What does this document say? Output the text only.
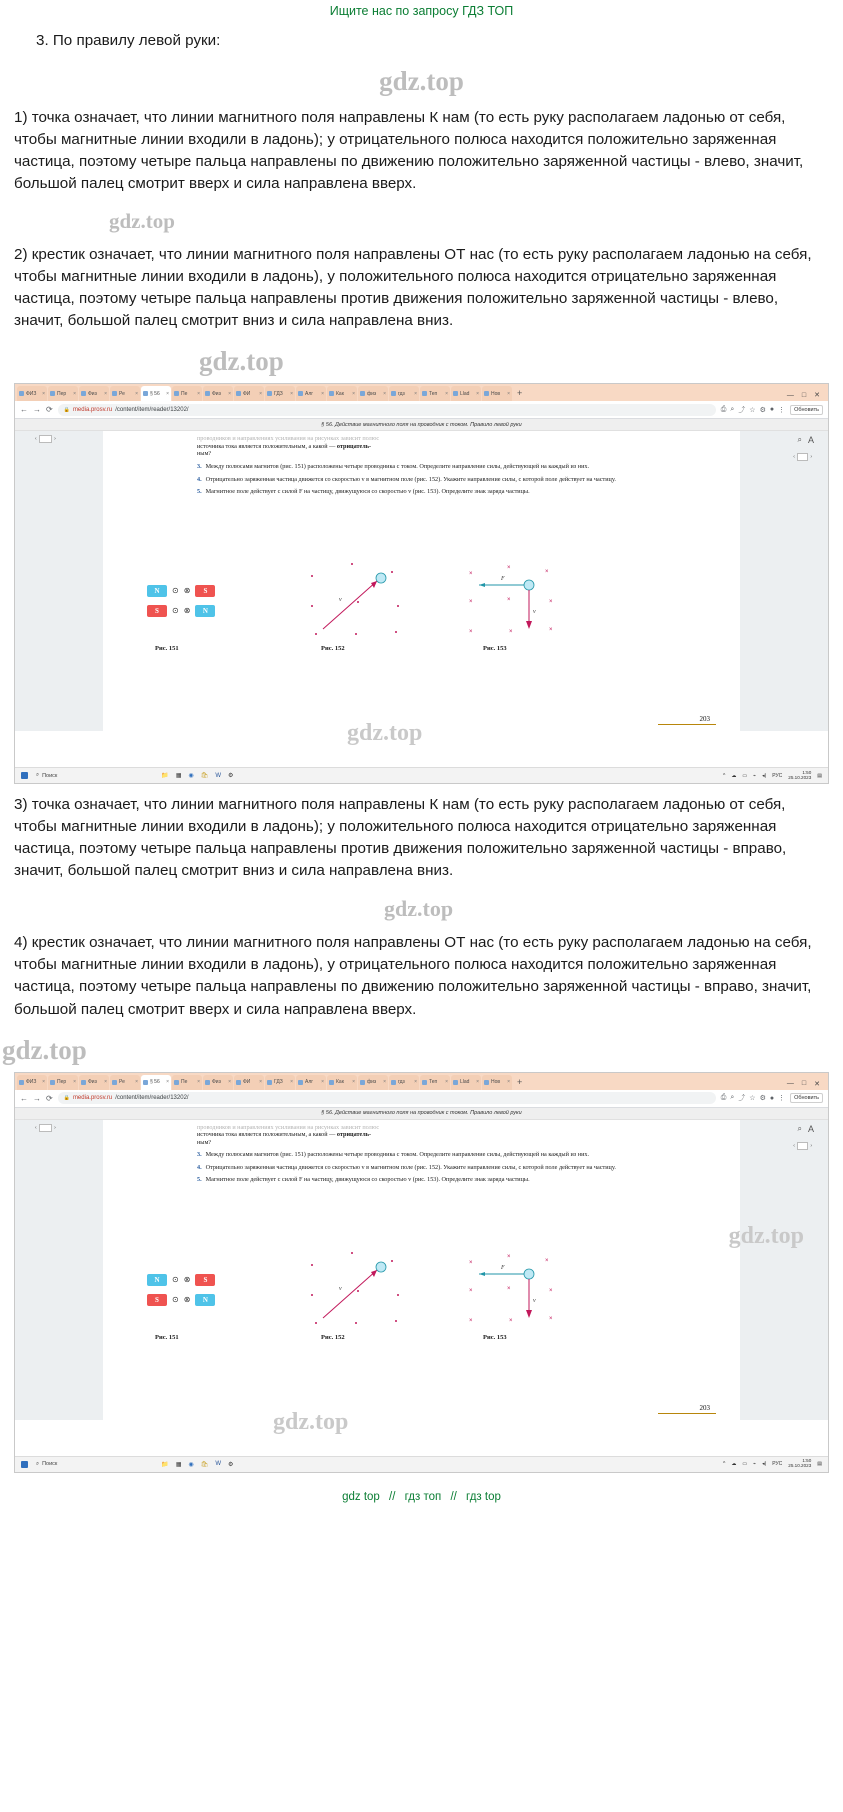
Ищите нас по запросу ГДЗ ТОП
3. По правилу левой руки:
gdz.top
1) точка означает, что линии магнитного поля направлены К нам (то есть руку располагаем ладонью от себя, чтобы магнитные линии входили в ладонь); у отрицательного полюса находится положительно заряженная частица, поэтому четыре пальца направлены по движению положительно заряженной частицы - влево, значит, большой палец смотрит вверх и сила направлена вверх.
gdz.top
2) крестик означает, что линии магнитного поля направлены ОТ нас (то есть руку располагаем ладонью на себя, чтобы магнитные линии входили в ладонь), у положительного полюса находится отрицательно заряженная частица, поэтому четыре пальца направлены против движения положительно заряженной частицы - влево, значит, большой палец смотрит вниз и сила направлена вниз.
gdz.top
ФИЗ × Пер × Физ × Ре × § 56 × Пе × Физ × ФИ × ГДЗ × Алг × Как × физ × гдз × Теп × Llad × Нов × +	— □ ✕
← → ⟳ 🔒 media.prosv.ru /content/item/reader/13202/	⎙ ⌕ ⤴ ☆ ⚙ ● ⋮	Обновить
§ 56. Действие магнитного поля на проводник с током. Правило левой руки
‹
	›
‹
	›
⌕ A
проводников и направлениях усиливания на рисунках зависит полюс
источника тока является положительным, а какой — отрицатель-
ным?
3. Между полюсами магнитов (рис. 151) расположены четыре проводника с током. Определите направление силы, действующей на каждый из них.
4. Отрицательно заряженная частица движется со скоростью v в магнитном поле (рис. 152). Укажите направление силы, с которой поле действует на частицу.
5. Магнитное поле действует с силой F на частицу, движущуюся со скоростью v (рис. 153). Определите знак заряда частицы.
N	⊙ ⊗	S
S	⊙ ⊗	N
Рис. 151
v
Рис. 152
×
×
×
×	×	×
×	×	×
F
v
Рис. 153
203
⌕ Поиск	📁 ▦ ◉ 🛍 W ⚙	^ ☁ ▭ ⌁ ◂) РУС
1:50
25.10.2023 ▤
gdz.top
3) точка означает, что линии магнитного поля направлены К нам (то есть руку располагаем ладонью от себя, чтобы магнитные линии входили в ладонь); у положительного полюса находится отрицательно заряженная частица, поэтому четыре пальца направлены против движения положительно заряженной частицы - вправо, значит, большой палец смотрит вниз и сила направлена вниз.
gdz.top
4) крестик означает, что линии магнитного поля направлены ОТ нас (то есть руку располагаем ладонью на себя, чтобы магнитные линии входили в ладонь), у отрицательного полюса находится положительно заряженная частица, поэтому четыре пальца направлены по движению положительно заряженной частицы - вправо, значит, большой палец смотрит вверх и сила направлена вверх.
gdz.top
ФИЗ × Пер × Физ × Ре × § 56 × Пе × Физ × ФИ × ГДЗ × Алг × Как × физ × гдз × Теп × Llad × Нов × +	— □ ✕
← → ⟳ 🔒 media.prosv.ru /content/item/reader/13202/	⎙ ⌕ ⤴ ☆ ⚙ ● ⋮	Обновить
§ 56. Действие магнитного поля на проводник с током. Правило левой руки
‹
	›
‹
	›
⌕ A
проводников и направлениях усиливания на рисунках зависит полюс
источника тока является положительным, а какой — отрицатель-
ным?
3. Между полюсами магнитов (рис. 151) расположены четыре проводника с током. Определите направление силы, действующей на каждый из них.
4. Отрицательно заряженная частица движется со скоростью v в магнитном поле (рис. 152). Укажите направление силы, с которой поле действует на частицу.
5. Магнитное поле действует с силой F на частицу, движущуюся со скоростью v (рис. 153). Определите знак заряда частицы.
N	⊙ ⊗	S
S	⊙ ⊗	N
Рис. 151
v
Рис. 152
×
×
×
×	×	×
×	×	×
F
v
Рис. 153
203
⌕ Поиск	📁 ▦ ◉ 🛍 W ⚙	^ ☁ ▭ ⌁ ◂) РУС
1:50
25.10.2023 ▤
gdz.top
gdz.top
gdz top // гдз топ // гдз top
